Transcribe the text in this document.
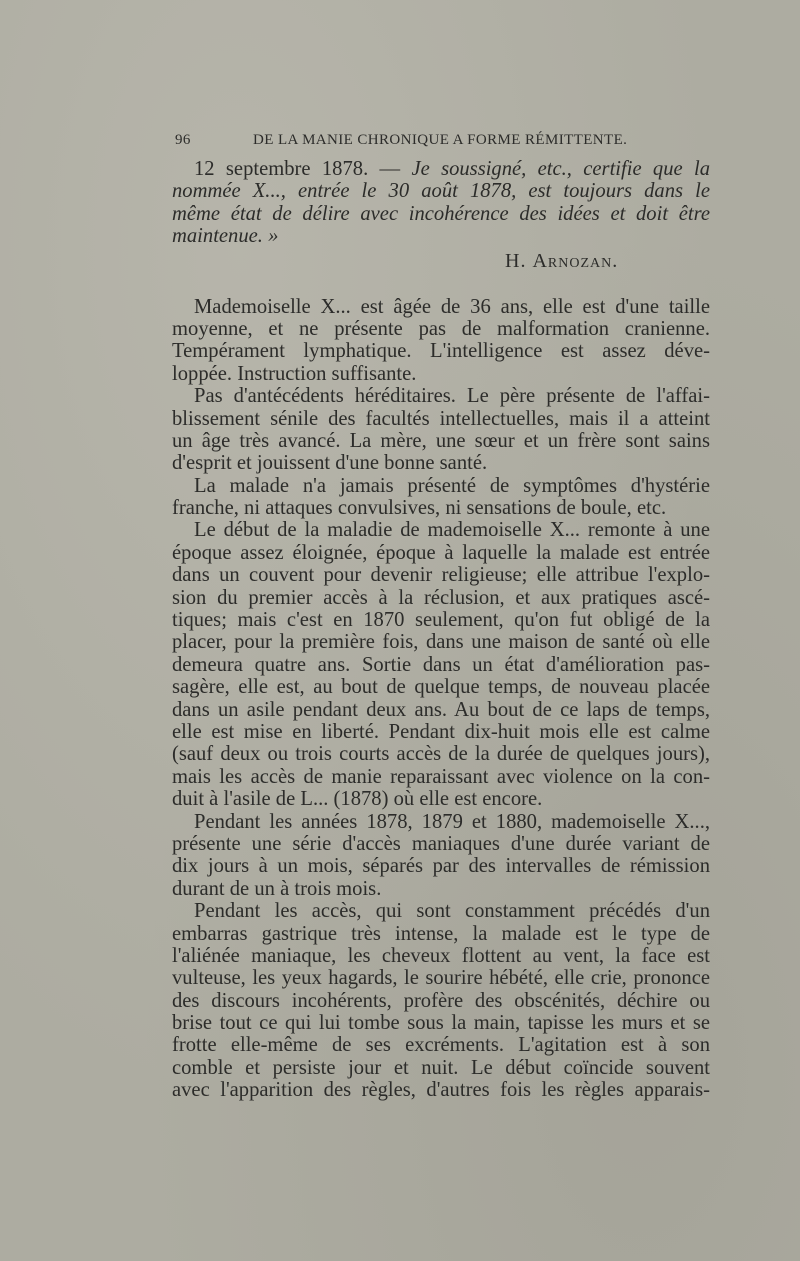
96	DE LA MANIE CHRONIQUE A FORME RÉMITTENTE.
12 septembre 1878. — Je soussigné, etc., certifie que la
nommée X..., entrée le 30 août 1878, est toujours dans le
même état de délire avec incohérence des idées et doit être
maintenue. »
Mademoiselle X... est âgée de 36 ans, elle est d'une taille
moyenne, et ne présente pas de malformation cranienne.
Tempérament lymphatique. L'intelligence est assez déve-
loppée. Instruction suffisante.
Pas d'antécédents héréditaires. Le père présente de l'affai-
blissement sénile des facultés intellectuelles, mais il a atteint
un âge très avancé. La mère, une sœur et un frère sont sains
d'esprit et jouissent d'une bonne santé.
La malade n'a jamais présenté de symptômes d'hystérie
franche, ni attaques convulsives, ni sensations de boule, etc.
Le début de la maladie de mademoiselle X... remonte à une
époque assez éloignée, époque à laquelle la malade est entrée
dans un couvent pour devenir religieuse; elle attribue l'explo-
sion du premier accès à la réclusion, et aux pratiques ascé-
tiques; mais c'est en 1870 seulement, qu'on fut obligé de la
placer, pour la première fois, dans une maison de santé où elle
demeura quatre ans. Sortie dans un état d'amélioration pas-
sagère, elle est, au bout de quelque temps, de nouveau placée
dans un asile pendant deux ans. Au bout de ce laps de temps,
elle est mise en liberté. Pendant dix-huit mois elle est calme
(sauf deux ou trois courts accès de la durée de quelques jours),
mais les accès de manie reparaissant avec violence on la con-
duit à l'asile de L... (1878) où elle est encore.
Pendant les années 1878, 1879 et 1880, mademoiselle X...,
présente une série d'accès maniaques d'une durée variant de
dix jours à un mois, séparés par des intervalles de rémission
durant de un à trois mois.
Pendant les accès, qui sont constamment précédés d'un
embarras gastrique très intense, la malade est le type de
l'aliénée maniaque, les cheveux flottent au vent, la face est
vulteuse, les yeux hagards, le sourire hébété, elle crie, prononce
des discours incohérents, profère des obscénités, déchire ou
brise tout ce qui lui tombe sous la main, tapisse les murs et se
frotte elle-même de ses excréments. L'agitation est à son
comble et persiste jour et nuit. Le début coïncide souvent
avec l'apparition des règles, d'autres fois les règles apparais-
H. Arnozan.
